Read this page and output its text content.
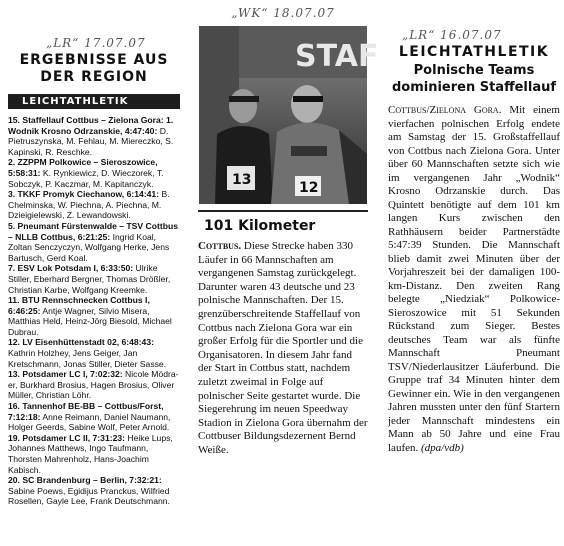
„LR“ 17.07.07
ERGEBNISSE AUS DER REGION
LEICHTATHLETIK

15. Staffellauf Cottbus – Zielona Gora: 1. Wodnik Krosno Odrzanskie, 4:47:40: D. Pietruszynska, M. Fehlau, M. Miereczko, S. Kapinski, R. Reschke.
2. ZZPPM Polkowice – Sieroszowice, 5:58:31: K. Rynkiewicz, D. Wieczorek, T. Sobczyk, P. Kaczmar, M. Kapitanczyk.
3. TKKF Promyk Ciechanow, 6:14:41: B. Chelminska, W. Piechna, A. Piechna, M. Dzieigielewski, Z. Lewandowski.
5. Pneumant Fürstenwalde – TSV Cottbus – NLLB Cottbus, 6:21:25: Ingrid Koal, Zoltan Senczyczyn, Wolfgang Herke, Jens Bartusch, Gerd Koal.
7. ESV Lok Potsdam I, 6:33:50: Ulrike Stiller, Eberhard Bergner, Thomas Drößler, Christian Karbe, Wolfgang Kreemke.
11. BTU Rennschnecken Cottbus I, 6:46:25: Antje Wagner, Silvio Misera, Matthias Held, Heinz-Jörg Biesold, Michael Dubrau.
12. LV Eisenhüttenstadt 02, 6:48:43: Kathrin Holzhey, Jens Geiger, Jan Kretschmann, Jonas Stiller, Dieter Sasse.
13. Potsdamer LC I, 7:02:32: Nicole Mödraer, Burkhard Brosius, Hagen Brosius, Oliver Müller, Christian Löhr.
16. Tannenhof BE-BB – Cottbus/Forst, 7:12:18: Anne Reimann, Daniel Naumann, Holger Geerds, Sabine Wolf, Peter Arnold.
19. Potsdamer LC II, 7:31:23: Heike Lups, Johannes Matthews, Ingo Taufmann, Thorsten Mahrenholz, Hans-Joachim Kabisch.
20. SC Brandenburg – Berlin, 7:32:21: Sabine Poews, Egidijus Pranckus, Wilfried Rosellen, Gayle Lee, Frank Deutschmann.

„WK“ 18.07.07
STAF
13	12
101 Kilometer

Cottbus. Diese Strecke haben 330 Läufer in 66 Mannschaften am vergangenen Samstag zurückgelegt. Darunter waren 43 deutsche und 23 polnische Mannschaften. Der 15. grenzüberschreitende Staffellauf von Cottbus nach Zielona Gora war ein großer Erfolg für die Sportler und die Organisatoren. In diesem Jahr fand der Start in Cottbus statt, nachdem zuletzt zweimal in Folge auf polnischer Seite gestartet wurde. Die Siegerehrung im neuen Speedway Stadion in Zielona Gora übernahm der Cottbuser Bildungsdezernent Bernd Weiße.

„LR“ 16.07.07
LEICHTATHLETIK
Polnische Teams dominieren Staffellauf

Cottbus/Zielona Gora. Mit einem vierfachen polnischen Erfolg endete am Samstag der 15. Großstaffellauf von Cottbus nach Zielona Gora. Unter über 60 Mannschaften setzte sich wie im vergangenen Jahr „Wodnik“ Krosno Odrzanskie durch. Das Quintett benötigte auf dem 101 km langen Kurs zwischen den Rathhäusern beider Partnerstädte 5:47:39 Stunden. Die Mannschaft blieb damit zwei Minuten über der Vorjahreszeit bei der damaligen 100-km-Distanz. Den zweiten Rang belegte „Niedziak“ Polkowice-Sieroszowice mit 51 Sekunden Rückstand zum Sieger. Bestes deutsches Team war als fünfte Mannschaft Pneumant TSV/Niederlausitzer Läuferbund. Die Gruppe traf 34 Minuten hinter dem Gewinner ein. Wie in den vergangenen Jahren mussten unter den fünf Startern jeder Mannschaft mindestens ein Mann ab 50 Jahre und eine Frau laufen. (dpa/vdb)
